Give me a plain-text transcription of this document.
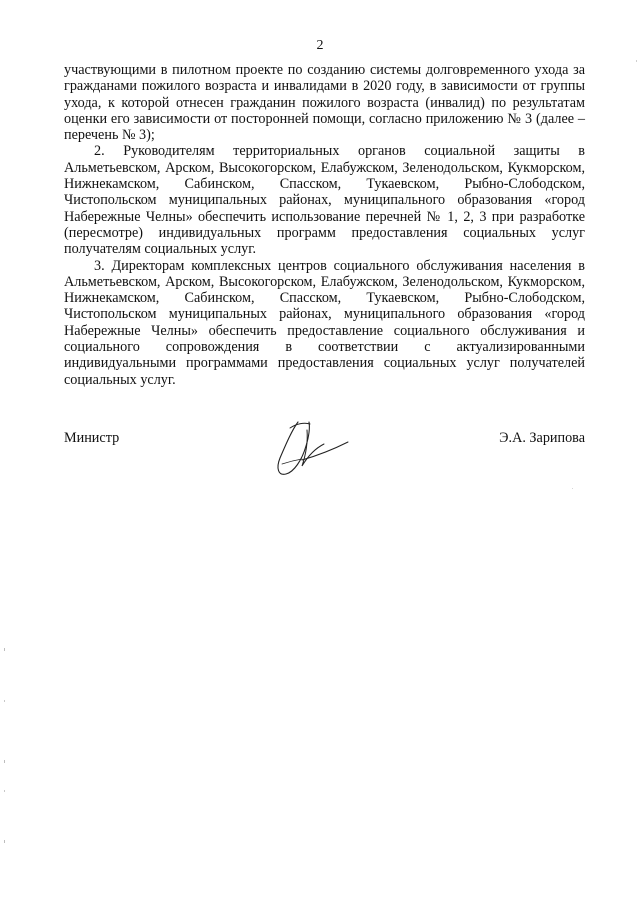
2

участвующими в пилотном проекте по созданию системы долговременного ухода за гражданами пожилого возраста и инвалидами в 2020 году, в зависимости от группы ухода, к которой отнесен гражданин пожилого возраста (инвалид) по результатам оценки его зависимости от посторонней помощи, согласно приложению № 3 (далее – перечень № 3);

2. Руководителям территориальных органов социальной защиты в Альметьевском, Арском, Высокогорском, Елабужском, Зеленодольском, Кукморском, Нижнекамском, Сабинском, Спасском, Тукаевском, Рыбно-Слободском, Чистопольском муниципальных районах, муниципального образования «город Набережные Челны» обеспечить использование перечней № 1, 2, 3 при разработке (пересмотре) индивидуальных программ предоставления социальных услуг получателям социальных услуг.

3. Директорам комплексных центров социального обслуживания населения в Альметьевском, Арском, Высокогорском, Елабужском, Зеленодольском, Кукморском, Нижнекамском, Сабинском, Спасском, Тукаевском, Рыбно-Слободском, Чистопольском муниципальных районах, муниципального образования «город Набережные Челны» обеспечить предоставление социального обслуживания и социального сопровождения в соответствии с актуализированными индивидуальными программами предоставления социальных услуг получателей социальных услуг.

Министр	Э.А. Зарипова
